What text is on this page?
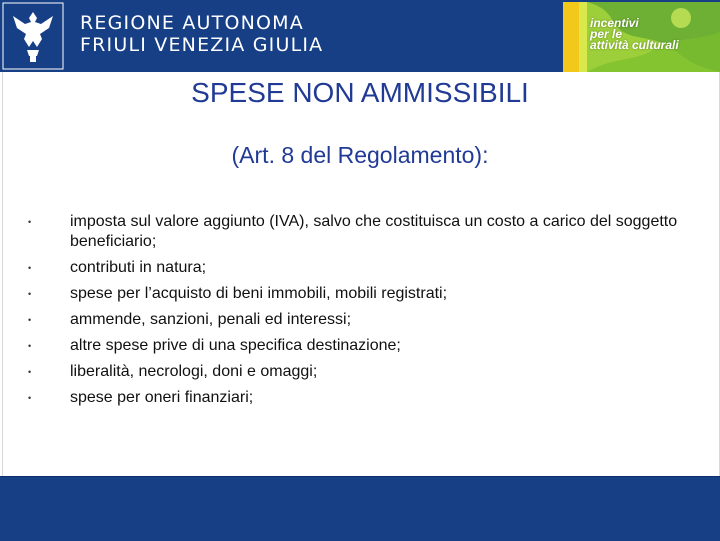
REGIONE AUTONOMA
FRIULI VENEZIA GIULIA
incentivi
per le
attività culturali
SPESE NON AMMISSIBILI
(Art. 8 del Regolamento):
• imposta sul valore aggiunto (IVA), salvo che costituisca un costo a carico del soggetto beneficiario;
• contributi in natura;
• spese per l’acquisto di beni immobili, mobili registrati;
• ammende, sanzioni, penali ed interessi;
• altre spese prive di una specifica destinazione;
• liberalità, necrologi, doni e omaggi;
• spese per oneri finanziari;
